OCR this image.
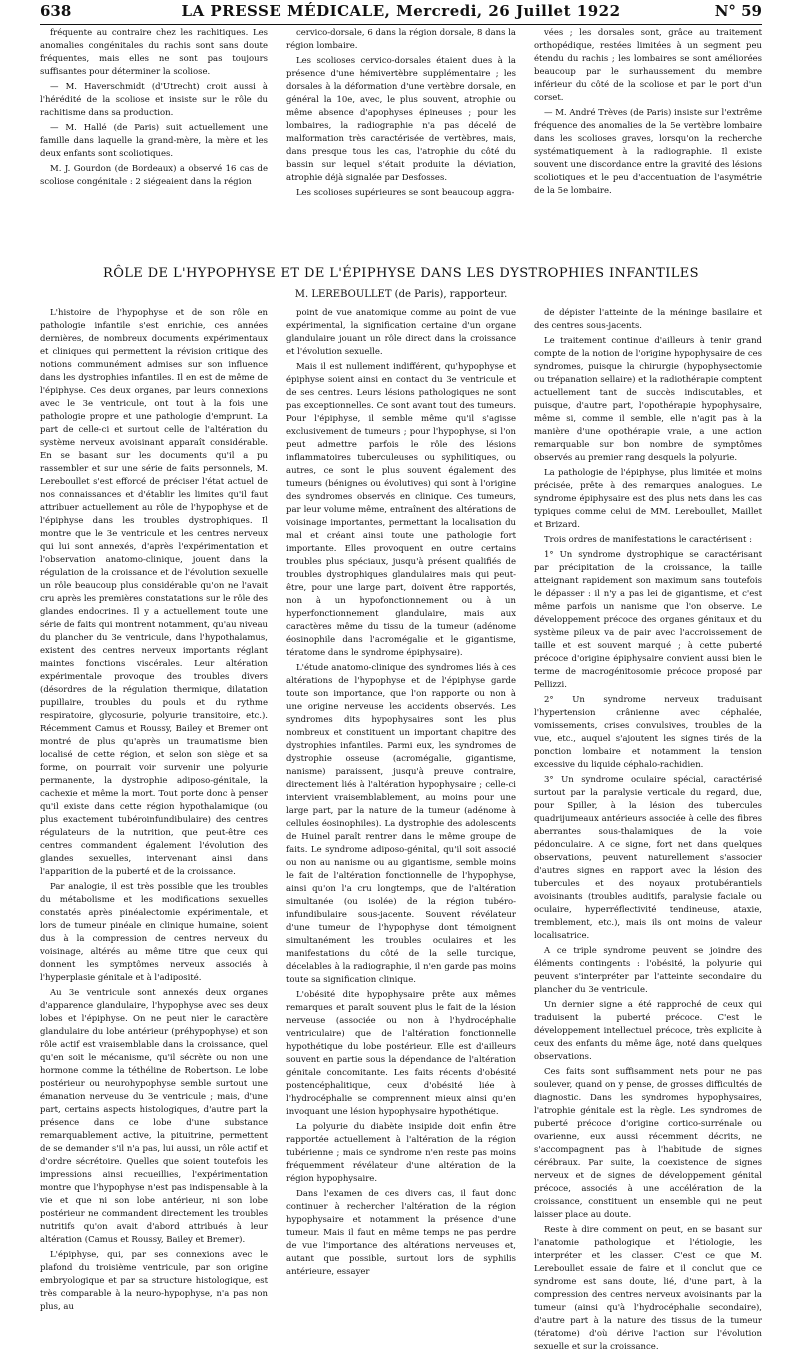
638	LA PRESSE MÉDICALE, Mercredi, 26 Juillet 1922	N° 59

fréquente au contraire chez les rachitiques. Les anomalies congénitales du rachis sont sans doute fréquentes, mais elles ne sont pas toujours suffisantes pour déterminer la scoliose.

— M. Haverschmidt (d'Utrecht) croit aussi à l'hérédité de la scoliose et insiste sur le rôle du rachitisme dans sa production.

— M. Hallé (de Paris) suit actuellement une famille dans laquelle la grand-mère, la mère et les deux enfants sont scoliotiques.

M. J. Gourdon (de Bordeaux) a observé 16 cas de scoliose congénitale : 2 siégeaient dans la région

cervico-dorsale, 6 dans la région dorsale, 8 dans la région lombaire.

Les scolioses cervico-dorsales étaient dues à la présence d'une hémivertèbre supplémentaire ; les dorsales à la déformation d'une vertèbre dorsale, en général la 10e, avec, le plus souvent, atrophie ou même absence d'apophyses épineuses ; pour les lombaires, la radiographie n'a pas décelé de malformation très caractérisée de vertèbres, mais, dans presque tous les cas, l'atrophie du côté du bassin sur lequel s'était produite la déviation, atrophie déjà signalée par Desfosses.

Les scolioses supérieures se sont beaucoup aggra-

vées ; les dorsales sont, grâce au traitement orthopédique, restées limitées à un segment peu étendu du rachis ; les lombaires se sont améliorées beaucoup par le surhaussement du membre inférieur du côté de la scoliose et par le port d'un corset.

— M. André Trèves (de Paris) insiste sur l'extrême fréquence des anomalies de la 5e vertèbre lombaire dans les scolioses graves, lorsqu'on la recherche systématiquement à la radiographie. Il existe souvent une discordance entre la gravité des lésions scoliotiques et le peu d'accentuation de l'asymétrie de la 5e lombaire.

RÔLE DE L'HYPOPHYSE ET DE L'ÉPIPHYSE DANS LES DYSTROPHIES INFANTILES
M. LEREBOULLET (de Paris), rapporteur.

L'histoire de l'hypophyse et de son rôle en pathologie infantile s'est enrichie, ces années dernières, de nombreux documents expérimentaux et cliniques qui permettent la révision critique des notions communément admises sur son influence dans les dystrophies infantiles. Il en est de même de l'épiphyse. Ces deux organes, par leurs connexions avec le 3e ventricule, ont tout à la fois une pathologie propre et une pathologie d'emprunt. La part de celle-ci et surtout celle de l'altération du système nerveux avoisinant apparaît considérable. En se basant sur les documents qu'il a pu rassembler et sur une série de faits personnels, M. Lereboullet s'est efforcé de préciser l'état actuel de nos connaissances et d'établir les limites qu'il faut attribuer actuellement au rôle de l'hypophyse et de l'épiphyse dans les troubles dystrophiques. Il montre que le 3e ventricule et les centres nerveux qui lui sont annexés, d'après l'expérimentation et l'observation anatomo-clinique, jouent dans la régulation de la croissance et de l'évolution sexuelle un rôle beaucoup plus considérable qu'on ne l'avait cru après les premières constatations sur le rôle des glandes endocrines. Il y a actuellement toute une série de faits qui montrent notamment, qu'au niveau du plancher du 3e ventricule, dans l'hypothalamus, existent des centres nerveux importants réglant maintes fonctions viscérales. Leur altération expérimentale provoque des troubles divers (désordres de la régulation thermique, dilatation pupillaire, troubles du pouls et du rythme respiratoire, glycosurie, polyurie transitoire, etc.). Récemment Camus et Roussy, Bailey et Bremer ont montré de plus qu'après un traumatisme bien localisé de cette région, et selon son siège et sa forme, on pourrait voir survenir une polyurie permanente, la dystrophie adiposo-génitale, la cachexie et même la mort. Tout porte donc à penser qu'il existe dans cette région hypothalamique (ou plus exactement tubéroinfundibulaire) des centres régulateurs de la nutrition, que peut-être ces centres commandent également l'évolution des glandes sexuelles, intervenant ainsi dans l'apparition de la puberté et de la croissance.

Par analogie, il est très possible que les troubles du métabolisme et les modifications sexuelles constatés après pinéalectomie expérimentale, et lors de tumeur pinéale en clinique humaine, soient dus à la compression de centres nerveux du voisinage, altérés au même titre que ceux qui donnent les symptômes nerveux associés à l'hyperplasie génitale et à l'adiposité.

Au 3e ventricule sont annexés deux organes d'apparence glandulaire, l'hypophyse avec ses deux lobes et l'épiphyse. On ne peut nier le caractère glandulaire du lobe antérieur (préhypophyse) et son rôle actif est vraisemblable dans la croissance, quel qu'en soit le mécanisme, qu'il sécrète ou non une hormone comme la téthéline de Robertson. Le lobe postérieur ou neurohypophyse semble surtout une émanation nerveuse du 3e ventricule ; mais, d'une part, certains aspects histologiques, d'autre part la présence dans ce lobe d'une substance remarquablement active, la pituitrine, permettent de se demander s'il n'a pas, lui aussi, un rôle actif et d'ordre sécrétoire. Quelles que soient toutefois les impressions ainsi recueillies, l'expérimentation montre que l'hypophyse n'est pas indispensable à la vie et que ni son lobe antérieur, ni son lobe postérieur ne commandent directement les troubles nutritifs qu'on avait d'abord attribués à leur altération (Camus et Roussy, Bailey et Bremer).

L'épiphyse, qui, par ses connexions avec le plafond du troisième ventricule, par son origine embryologique et par sa structure histologique, est très comparable à la neuro-hypophyse, n'a pas non plus, au

point de vue anatomique comme au point de vue expérimental, la signification certaine d'un organe glandulaire jouant un rôle direct dans la croissance et l'évolution sexuelle.

Mais il est nullement indifférent, qu'hypophyse et épiphyse soient ainsi en contact du 3e ventricule et de ses centres. Leurs lésions pathologiques ne sont pas exceptionnelles. Ce sont avant tout des tumeurs. Pour l'épiphyse, il semble même qu'il s'agisse exclusivement de tumeurs ; pour l'hypophyse, si l'on peut admettre parfois le rôle des lésions inflammatoires tuberculeuses ou syphilitiques, ou autres, ce sont le plus souvent également des tumeurs (bénignes ou évolutives) qui sont à l'origine des syndromes observés en clinique. Ces tumeurs, par leur volume même, entraînent des altérations de voisinage importantes, permettant la localisation du mal et créant ainsi toute une pathologie fort importante. Elles provoquent en outre certains troubles plus spéciaux, jusqu'à présent qualifiés de troubles dystrophiques glandulaires mais qui peut-être, pour une large part, doivent être rapportés, non à un hypofonctionnement ou à un hyperfonctionnement glandulaire, mais aux caractères même du tissu de la tumeur (adénome éosinophile dans l'acromégalie et le gigantisme, tératome dans le syndrome épiphysaire).

L'étude anatomo-clinique des syndromes liés à ces altérations de l'hypophyse et de l'épiphyse garde toute son importance, que l'on rapporte ou non à une origine nerveuse les accidents observés. Les syndromes dits hypophysaires sont les plus nombreux et constituent un important chapitre des dystrophies infantiles. Parmi eux, les syndromes de dystrophie osseuse (acromégalie, gigantisme, nanisme) paraissent, jusqu'à preuve contraire, directement liés à l'altération hypophysaire ; celle-ci intervient vraisemblablement, au moins pour une large part, par la nature de la tumeur (adénome à cellules éosinophiles). La dystrophie des adolescents de Huinel paraît rentrer dans le même groupe de faits. Le syndrome adiposo-génital, qu'il soit associé ou non au nanisme ou au gigantisme, semble moins le fait de l'altération fonctionnelle de l'hypophyse, ainsi qu'on l'a cru longtemps, que de l'altération simultanée (ou isolée) de la région tubéro-infundibulaire sous-jacente. Souvent révélateur d'une tumeur de l'hypophyse dont témoignent simultanément les troubles oculaires et les manifestations du côté de la selle turcique, décelables à la radiographie, il n'en garde pas moins toute sa signification clinique.

L'obésité dite hypophysaire prête aux mêmes remarques et paraît souvent plus le fait de la lésion nerveuse (associée ou non à l'hydrocéphalie ventriculaire) que de l'altération fonctionnelle hypothétique du lobe postérieur. Elle est d'ailleurs souvent en partie sous la dépendance de l'altération génitale concomitante. Les faits récents d'obésité postencéphalitique, ceux d'obésité liée à l'hydrocéphalie se comprennent mieux ainsi qu'en invoquant une lésion hypophysaire hypothétique.

La polyurie du diabète insipide doit enfin être rapportée actuellement à l'altération de la région tubérienne ; mais ce syndrome n'en reste pas moins fréquemment révélateur d'une altération de la région hypophysaire.

Dans l'examen de ces divers cas, il faut donc continuer à rechercher l'altération de la région hypophysaire et notamment la présence d'une tumeur. Mais il faut en même temps ne pas perdre de vue l'importance des altérations nerveuses et, autant que possible, surtout lors de syphilis antérieure, essayer

de dépister l'atteinte de la méninge basilaire et des centres sous-jacents.

Le traitement continue d'ailleurs à tenir grand compte de la notion de l'origine hypophysaire de ces syndromes, puisque la chirurgie (hypophysectomie ou trépanation sellaire) et la radiothérapie comptent actuellement tant de succès indiscutables, et puisque, d'autre part, l'opothérapie hypophysaire, même si, comme il semble, elle n'agit pas à la manière d'une opothérapie vraie, a une action remarquable sur bon nombre de symptômes observés au premier rang desquels la polyurie.

La pathologie de l'épiphyse, plus limitée et moins précisée, prête à des remarques analogues. Le syndrome épiphysaire est des plus nets dans les cas typiques comme celui de MM. Lereboullet, Maillet et Brizard.

Trois ordres de manifestations le caractérisent :

1° Un syndrome dystrophique se caractérisant par précipitation de la croissance, la taille atteignant rapidement son maximum sans toutefois le dépasser : il n'y a pas lei de gigantisme, et c'est même parfois un nanisme que l'on observe. Le développement précoce des organes génitaux et du système pileux va de pair avec l'accroissement de taille et est souvent marqué ; à cette puberté précoce d'origine épiphysaire convient aussi bien le terme de macrogénitosomie précoce proposé par Pellizzi.

2° Un syndrome nerveux traduisant l'hypertension crânienne avec céphalée, vomissements, crises convulsives, troubles de la vue, etc., auquel s'ajoutent les signes tirés de la ponction lombaire et notamment la tension excessive du liquide céphalo-rachidien.

3° Un syndrome oculaire spécial, caractérisé surtout par la paralysie verticale du regard, due, pour Spiller, à la lésion des tubercules quadrijumeaux antérieurs associée à celle des fibres aberrantes sous-thalamiques de la voie pédonculaire. A ce signe, fort net dans quelques observations, peuvent naturellement s'associer d'autres signes en rapport avec la lésion des tubercules et des noyaux protubérantiels avoisinants (troubles auditifs, paralysie faciale ou oculaire, hyperréflectivité tendineuse, ataxie, tremblement, etc.), mais ils ont moins de valeur localisatrice.

A ce triple syndrome peuvent se joindre des éléments contingents : l'obésité, la polyurie qui peuvent s'interpréter par l'atteinte secondaire du plancher du 3e ventricule.

Un dernier signe a été rapproché de ceux qui traduisent la puberté précoce. C'est le développement intellectuel précoce, très explicite à ceux des enfants du même âge, noté dans quelques observations.

Ces faits sont suffisamment nets pour ne pas soulever, quand on y pense, de grosses difficultés de diagnostic. Dans les syndromes hypophysaires, l'atrophie génitale est la règle. Les syndromes de puberté précoce d'origine cortico-surrénale ou ovarienne, eux aussi récemment décrits, ne s'accompagnent pas à l'habitude de signes cérébraux. Par suite, la coexistence de signes nerveux et de signes de développement génital précoce, associés à une accélération de la croissance, constituent un ensemble qui ne peut laisser place au doute.

Reste à dire comment on peut, en se basant sur l'anatomie pathologique et l'étiologie, les interpréter et les classer. C'est ce que M. Lereboullet essaie de faire et il conclut que ce syndrome est sans doute, lié, d'une part, à la compression des centres nerveux avoisinants par la tumeur (ainsi qu'à l'hydrocéphalie secondaire), d'autre part à la nature des tissus de la tumeur (tératome) d'où dérive l'action sur l'évolution sexuelle et sur la croissance.
